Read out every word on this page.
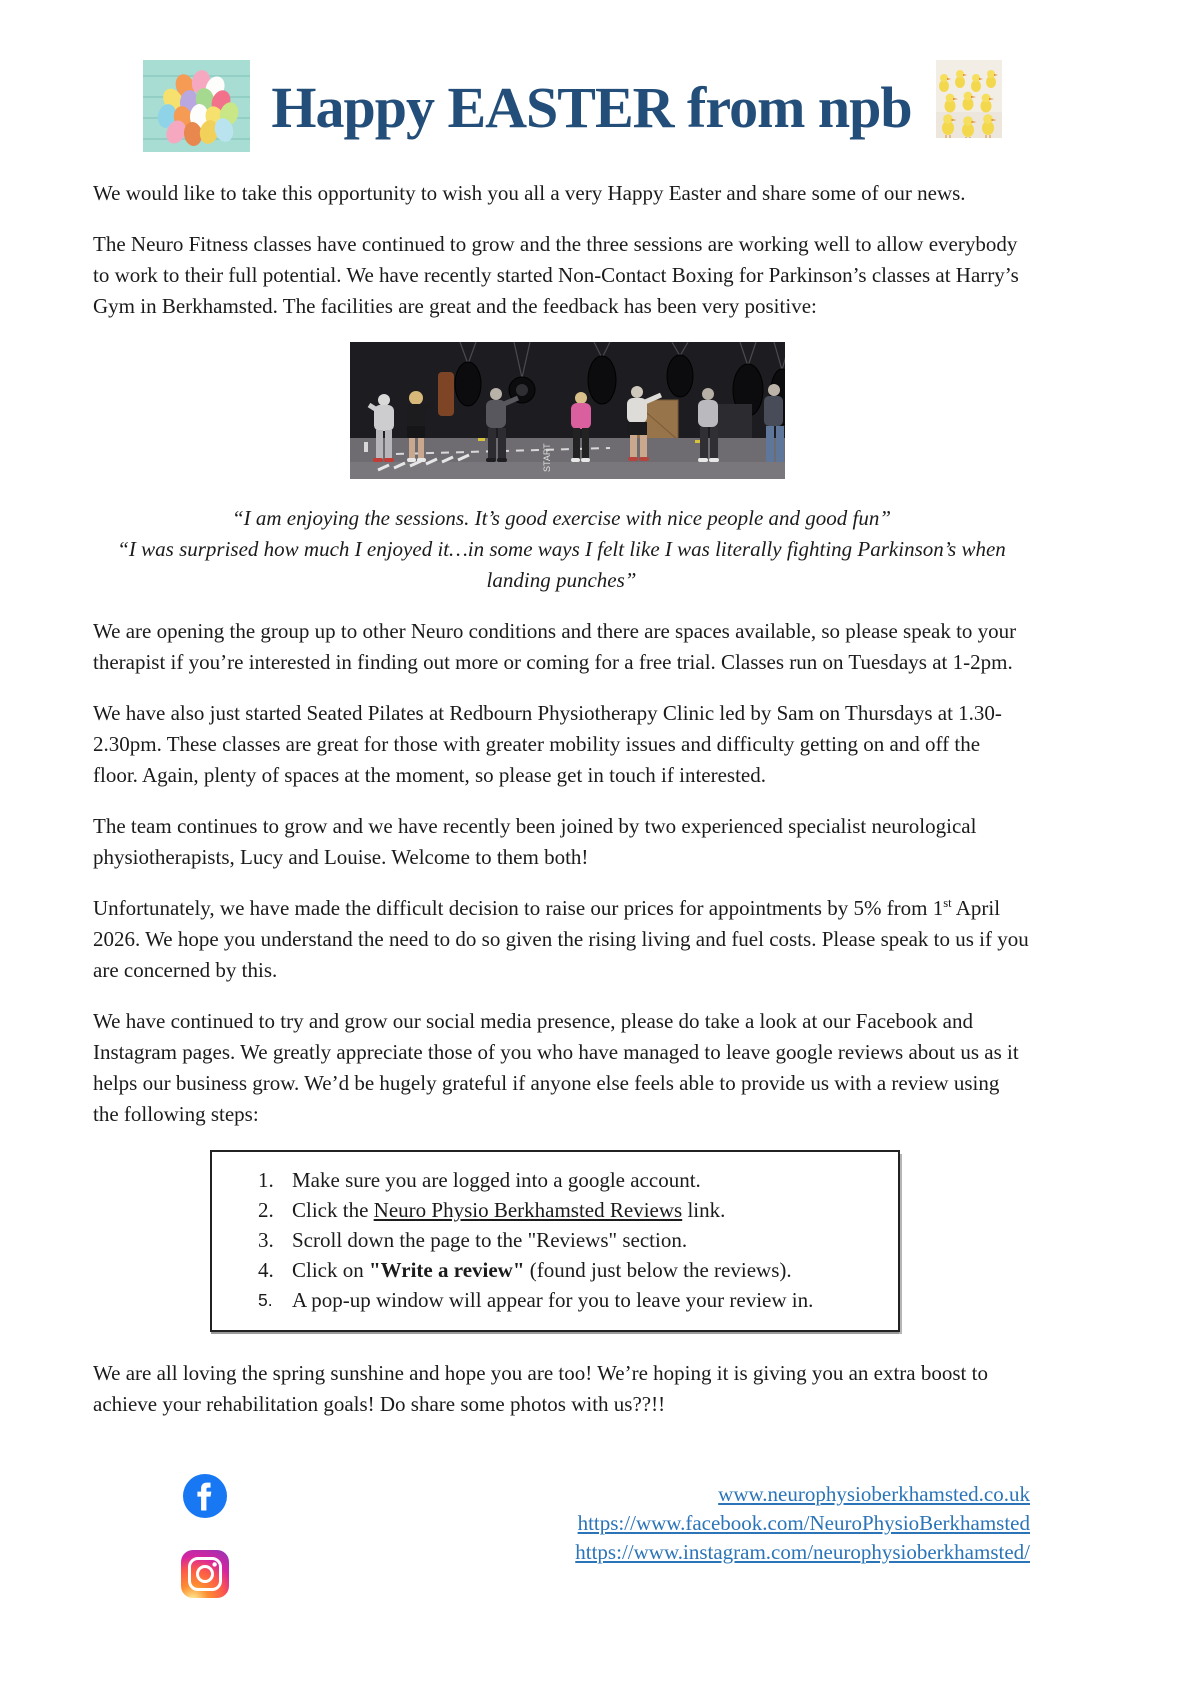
Happy EASTER from npb

We would like to take this opportunity to wish you all a very Happy Easter and share some of our news.

The Neuro Fitness classes have continued to grow and the three sessions are working well to allow everybody to work to their full potential. We have recently started Non-Contact Boxing for Parkinson’s classes at Harry’s Gym in Berkhamsted. The facilities are great and the feedback has been very positive:

START

“I am enjoying the sessions. It’s good exercise with nice people and good fun”

“I was surprised how much I enjoyed it…in some ways I felt like I was literally fighting Parkinson’s when landing punches”

We are opening the group up to other Neuro conditions and there are spaces available, so please speak to your therapist if you’re interested in finding out more or coming for a free trial. Classes run on Tuesdays at 1-2pm.

We have also just started Seated Pilates at Redbourn Physiotherapy Clinic led by Sam on Thursdays at 1.30-2.30pm. These classes are great for those with greater mobility issues and difficulty getting on and off the floor. Again, plenty of spaces at the moment, so please get in touch if interested.

The team continues to grow and we have recently been joined by two experienced specialist neurological physiotherapists, Lucy and Louise. Welcome to them both!

Unfortunately, we have made the difficult decision to raise our prices for appointments by 5% from 1st April 2026. We hope you understand the need to do so given the rising living and fuel costs. Please speak to us if you are concerned by this.

We have continued to try and grow our social media presence, please do take a look at our Facebook and Instagram pages. We greatly appreciate those of you who have managed to leave google reviews about us as it helps our business grow. We’d be hugely grateful if anyone else feels able to provide us with a review using the following steps:

1. Make sure you are logged into a google account.
2. Click the Neuro Physio Berkhamsted Reviews link.
3. Scroll down the page to the "Reviews" section.
4. Click on "Write a review" (found just below the reviews).
5. A pop-up window will appear for you to leave your review in.

We are all loving the spring sunshine and hope you are too! We’re hoping it is giving you an extra boost to achieve your rehabilitation goals! Do share some photos with us??!!

www.neurophysioberkhamsted.co.uk
https://www.facebook.com/NeuroPhysioBerkhamsted
https://www.instagram.com/neurophysioberkhamsted/
